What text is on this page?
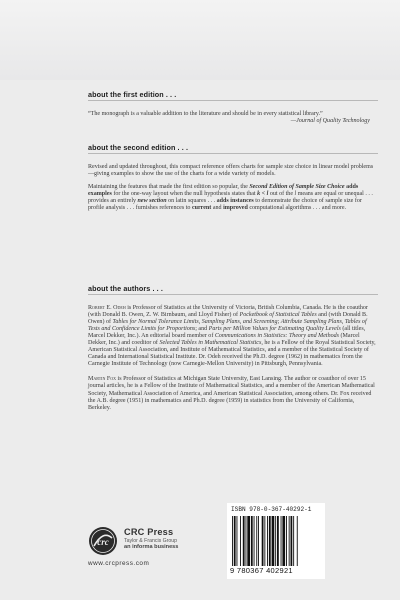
about the first edition . . .

“The monograph is a valuable addition to the literature and should be in every statistical library.”

—Journal of Quality Technology

about the second edition . . .

Revised and updated throughout, this compact reference offers charts for sample size choice in linear model problems—giving examples to show the use of the charts for a wide variety of models.

Maintaining the features that made the first edition so popular, the Second Edition of Sample Size Choice adds examples for the one-way layout when the null hypothesis states that k < l out of the l means are equal or unequal . . . provides an entirely new section on latin squares . . . adds instances to demonstrate the choice of sample size for profile analysis . . . furnishes references to current and improved computational algorithms . . . and more.

about the authors . . .

Robert E. Odeh is Professor of Statistics at the University of Victoria, British Columbia, Canada. He is the coauthor (with Donald B. Owen, Z. W. Birnbaum, and Lloyd Fisher) of Pocketbook of Statistical Tables and (with Donald B. Owen) of Tables for Normal Tolerance Limits, Sampling Plans, and Screening; Attribute Sampling Plans, Tables of Tests and Confidence Limits for Proportions; and Parts per Million Values for Estimating Quality Levels (all titles, Marcel Dekker, Inc.). An editorial board member of Communications in Statistics: Theory and Methods (Marcel Dekker, Inc.) and coeditor of Selected Tables in Mathematical Statistics, he is a Fellow of the Royal Statistical Society, American Statistical Association, and Institute of Mathematical Statistics, and a member of the Statistical Society of Canada and International Statistical Institute. Dr. Odeh received the Ph.D. degree (1962) in mathematics from the Carnegie Institute of Technology (now Carnegie-Mellon University) in Pittsburgh, Pennsylvania.

Martin Fox is Professor of Statistics at Michigan State University, East Lansing. The author or coauthor of over 15 journal articles, he is a Fellow of the Institute of Mathematical Statistics, and a member of the American Mathematical Society, Mathematical Association of America, and American Statistical Association, among others. Dr. Fox received the A.B. degree (1951) in mathematics and Ph.D. degree (1959) in statistics from the University of California, Berkeley.

crc
CRC Press
Taylor & Francis Group
an informa business
www.crcpress.com
ISBN 978-0-367-40292-1
9 780367 402921
